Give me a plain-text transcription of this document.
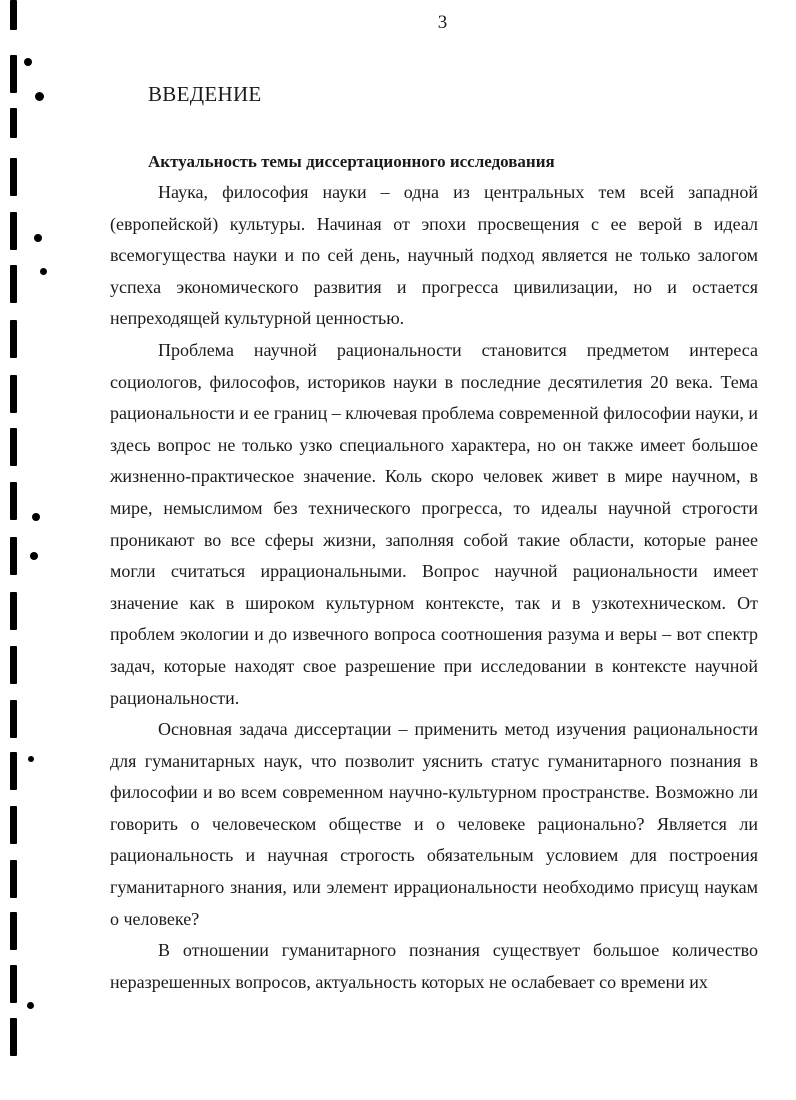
3
ВВЕДЕНИЕ
Актуальность темы диссертационного исследования

Наука, философия науки – одна из центральных тем всей западной (европейской) культуры. Начиная от эпохи просвещения с ее верой в идеал всемогущества науки и по сей день, научный подход является не только залогом успеха экономического развития и прогресса цивилизации, но и остается непреходящей культурной ценностью.

Проблема научной рациональности становится предметом интереса социологов, философов, историков науки в последние десятилетия 20 века. Тема рациональности и ее границ – ключевая проблема современной философии науки, и здесь вопрос не только узко специального характера, но он также имеет большое жизненно-практическое значение. Коль скоро человек живет в мире научном, в мире, немыслимом без технического прогресса, то идеалы научной строгости проникают во все сферы жизни, заполняя собой такие области, которые ранее могли считаться иррациональными. Вопрос научной рациональности имеет значение как в широком культурном контексте, так и в узкотехническом. От проблем экологии и до извечного вопроса соотношения разума и веры – вот спектр задач, которые находят свое разрешение при исследовании в контексте научной рациональности.

Основная задача диссертации – применить метод изучения рациональности для гуманитарных наук, что позволит уяснить статус гуманитарного познания в философии и во всем современном научно-культурном пространстве. Возможно ли говорить о человеческом обществе и о человеке рационально? Является ли рациональность и научная строгость обязательным условием для построения гуманитарного знания, или элемент иррациональности необходимо присущ наукам о человеке?

В отношении гуманитарного познания существует большое количество неразрешенных вопросов, актуальность которых не ослабевает со времени их
